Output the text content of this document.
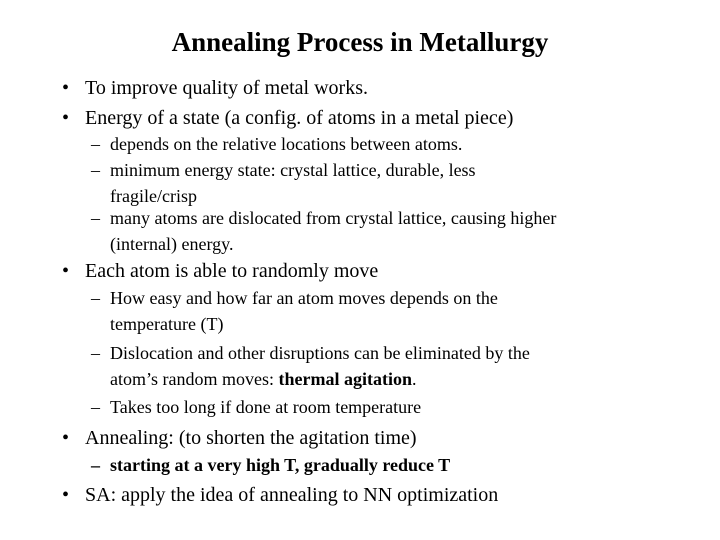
Annealing Process in Metallurgy
• To improve quality of metal works.
• Energy of a state (a config. of atoms in a metal piece)
– depends on the relative locations between atoms.
– minimum energy state: crystal lattice, durable, less
fragile/crisp
– many atoms are dislocated from crystal lattice, causing higher
(internal) energy.
• Each atom is able to randomly move
– How easy and how far an atom moves depends on the
temperature (T)
– Dislocation and other disruptions can be eliminated by the
atom’s random moves: thermal agitation.
– Takes too long if done at room temperature
• Annealing: (to shorten the agitation time)
– starting at a very high T, gradually reduce T
• SA: apply the idea of annealing to NN optimization
